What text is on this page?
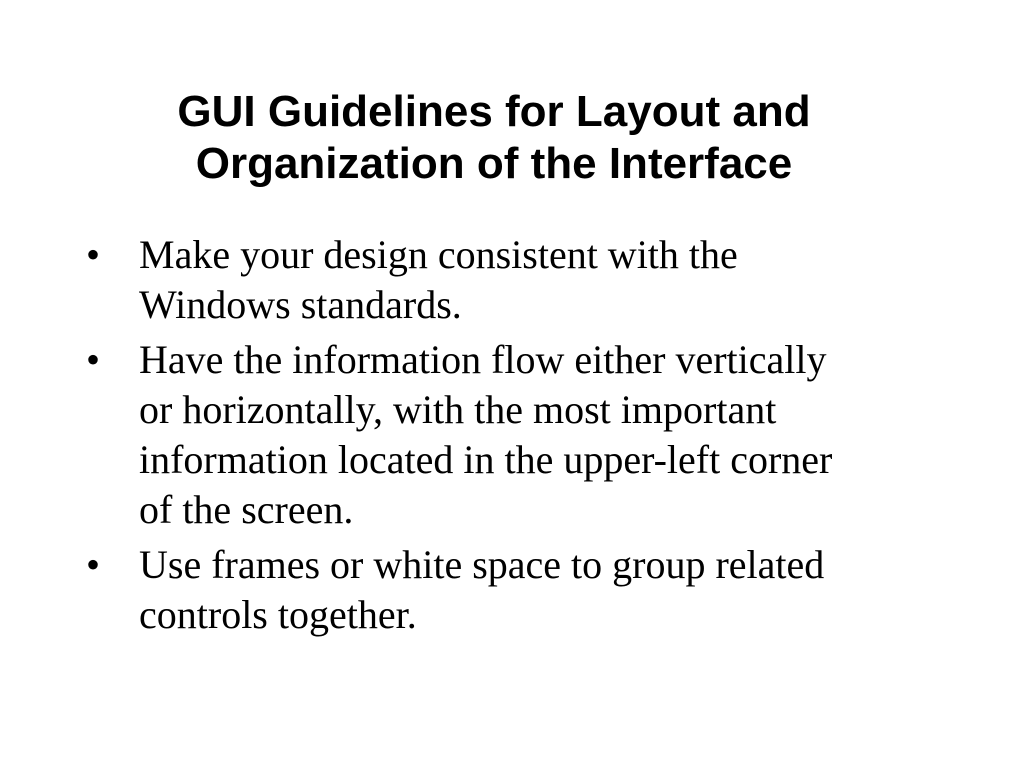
GUI Guidelines for Layout and
Organization of the Interface
• Make your design consistent with the
Windows standards.
• Have the information flow either vertically
or horizontally, with the most important
information located in the upper-left corner
of the screen.
• Use frames or white space to group related
controls together.
